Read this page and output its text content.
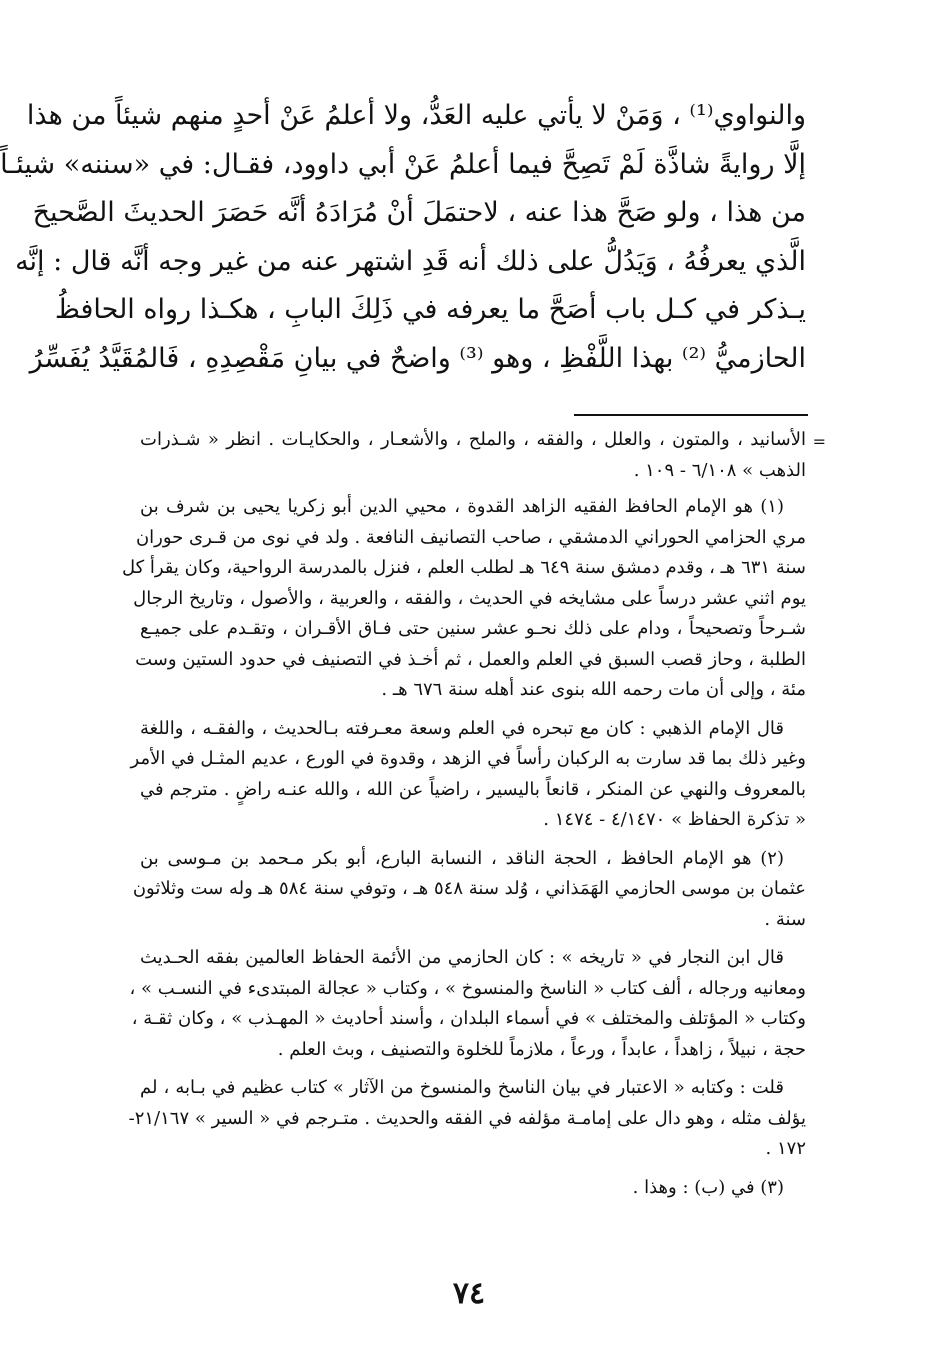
والنواوي⁽¹⁾ ، وَمَنْ لا يأتي عليه العَدُّ، ولا أعلمُ عَنْ أحدٍ منهم شيئاً من هذا
إلَّا روايةً شاذَّة لَمْ تَصِحَّ فيما أعلمُ عَنْ أبي داوود، فقـال: في «سننه» شيئـاً
من هذا ، ولو صَحَّ هذا عنه ، لاحتمَلَ أنْ مُرَادَهُ أنَّه حَصَرَ الحديثَ الصَّحيحَ
الَّذي يعرفُهُ ، وَيَدُلُّ على ذلك أنه قَدِ اشتهر عنه من غير وجه أنَّه قال : إنَّه
يـذكر في كـل باب أصَحَّ ما يعرفه في ذَلِكَ البابِ ، هكـذا رواه الحافظُ
الحازميُّ ⁽²⁾ بهذا اللَّفْظِ ، وهو ⁽³⁾ واضحٌ في بيانِ مَقْصِدِهِ ، فَالمُقَيَّدُ يُفَسِّرُ
=
الأسانيد ، والمتون ، والعلل ، والفقه ، والملح ، والأشعـار ، والحكايـات . انظر « شـذرات
الذهب » ٦/١٠٨ - ١٠٩ .
(١) هو الإمام الحافظ الفقيه الزاهد القدوة ، محيي الدين أبو زكريا يحيى بن شرف بن
مري الحزامي الحوراني الدمشقي ، صاحب التصانيف النافعة . ولد في نوى من قـرى حوران
سنة ٦٣١ هـ ، وقدم دمشق سنة ٦٤٩ هـ لطلب العلم ، فنزل بالمدرسة الرواحية، وكان يقرأ كل
يوم اثني عشر درساً على مشايخه في الحديث ، والفقه ، والعربية ، والأصول ، وتاريخ الرجال
شـرحاً وتصحيحاً ، ودام على ذلك نحـو عشر سنين حتى فـاق الأقـران ، وتقـدم على جميـع
الطلبة ، وحاز قصب السبق في العلم والعمل ، ثم أخـذ في التصنيف في حدود الستين وست
مئة ، وإلى أن مات رحمه الله بنوى عند أهله سنة ٦٧٦ هـ .
قال الإمام الذهبي : كان مع تبحره في العلم وسعة معـرفته بـالحديث ، والفقـه ، واللغة
وغير ذلك بما قد سارت به الركبان رأساً في الزهد ، وقدوة في الورع ، عديم المثـل في الأمر
بالمعروف والنهي عن المنكر ، قانعاً باليسير ، راضياً عن الله ، والله عنـه راضٍ . مترجم في
« تذكرة الحفاظ » ٤/١٤٧٠ - ١٤٧٤ .
(٢) هو الإمام الحافظ ، الحجة الناقد ، النسابة البارع، أبو بكر مـحمد بن مـوسى بن
عثمان بن موسى الحازمي الهَمَذاني ، وُلد سنة ٥٤٨ هـ ، وتوفي سنة ٥٨٤ هـ وله ست وثلاثون
سنة .
قال ابن النجار في « تاريخه » : كان الحازمي من الأئمة الحفاظ العالمين بفقه الحـديث
ومعانيه ورجاله ، ألف كتاب « الناسخ والمنسوخ » ، وكتاب « عجالة المبتدىء في النسـب » ،
وكتاب « المؤتلف والمختلف » في أسماء البلدان ، وأسند أحاديث « المهـذب » ، وكان ثقـة ،
حجة ، نبيلاً ، زاهداً ، عابداً ، ورعاً ، ملازماً للخلوة والتصنيف ، وبث العلم .
قلت : وكتابه « الاعتبار في بيان الناسخ والمنسوخ من الآثار » كتاب عظيم في بـابه ، لم
يؤلف مثله ، وهو دال على إمامـة مؤلفه في الفقه والحديث . متـرجم في « السير » ٢١/١٦٧-
١٧٢ .
(٣) في (ب) : وهذا .
٧٤
